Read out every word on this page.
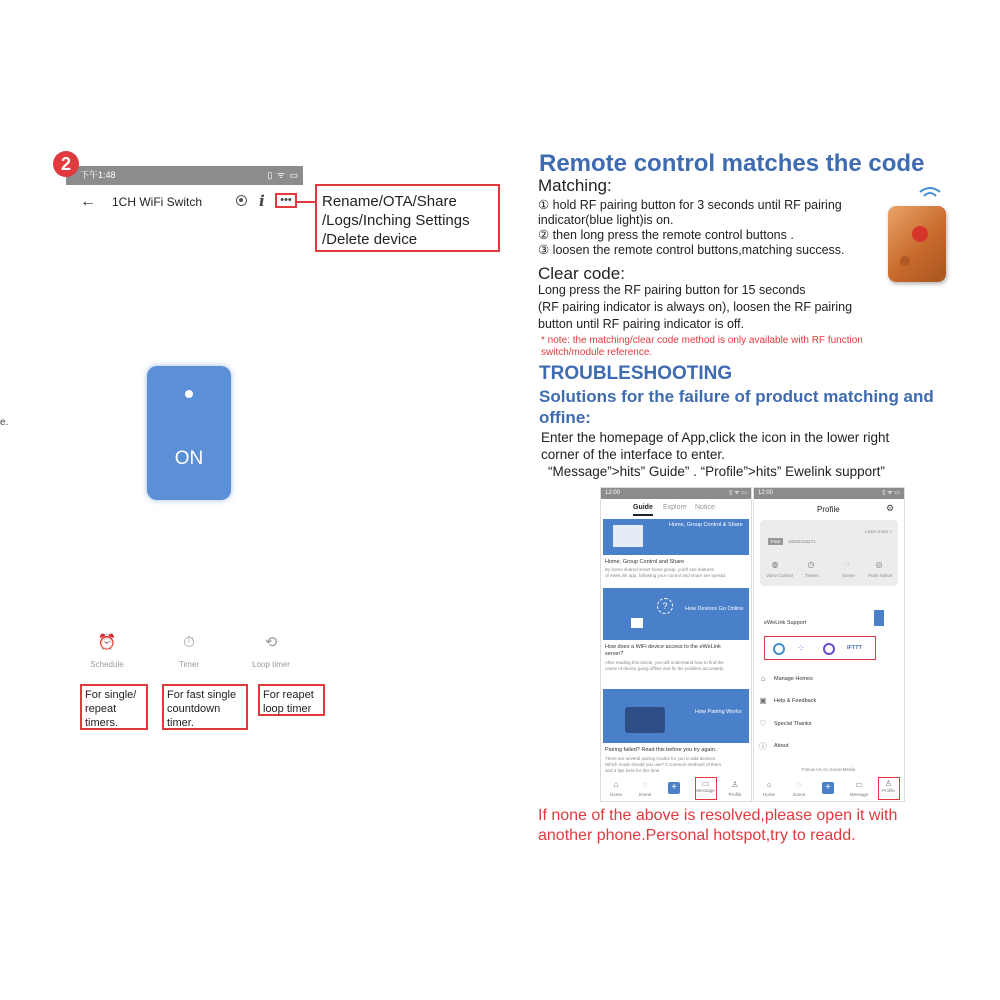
下午1:48	▯ ᯤ ▭
2
← 1CH WiFi Switch	i	•••	Rename/OTA/Share
/Logs/Inching Settings
/Delete device
e.
ON
⏰
Schedule
⏱
Timer
⟲
Loop timer
For single/
repeat
timers.
For fast single
countdown
timer.
For reapet
loop timer
Remote control matches the code
Matching:
① hold RF pairing button for 3 seconds until RF pairing
indicator(blue light)is on.
② then long press the remote control buttons .
③ loosen the remote control buttons,matching success.
Clear code:
Long press the RF pairing button for 15 seconds
(RF pairing indicator is always on), loosen the RF pairing
button until RF pairing indicator is off.
* note: the matching/clear code method is only available with RF function
switch/module reference.
TROUBLESHOOTING
Solutions for the failure of product matching and
offine:
Enter the homepage of App,click the icon in the lower right
corner of the interface to enter.
“Message”>hits” Guide” . “Profile”>hits” Ewelink support”
12:00	▯ ᯤ ▭
Guide Explore Notice
Home, Group Control & Share
Home, Group Control and Share
By home shared smart home group, you'll see features
of eWeLink app, following your control and share are spread.
How Devices Go Online
?
How does a WiFi device access to the eWeLink
server?
After reading this article, you will understand how to find the
cause of device going offline and fix the problem accurately.
How Pairing Works
Pairing failed? Read this before you try again.
There are several pairing modes for you to add devices.
Which mode should you use? 2 common methods of them
and 3 tips here for this time.
⌂
Home
◌
Scene
+	▭
Message
♙
Profile
12:00	▯ ᯤ ▭
Profile	⚙
Learn more >
Free	15602415271
◍
Voice Control
◷
Timers
◌
Scene
◎
Push Notice
eWeLink Support
⁘	IFTTT
⌂	Manage Homes
▣	Help & Feedback
♡	Special Thanks
ⓘ	About
Follow Us on Social Media
⌂
Home
◌
Scene
+	▭
Message
♙
Profile
If none of the above is resolved,please open it with
another phone.Personal hotspot,try to readd.
